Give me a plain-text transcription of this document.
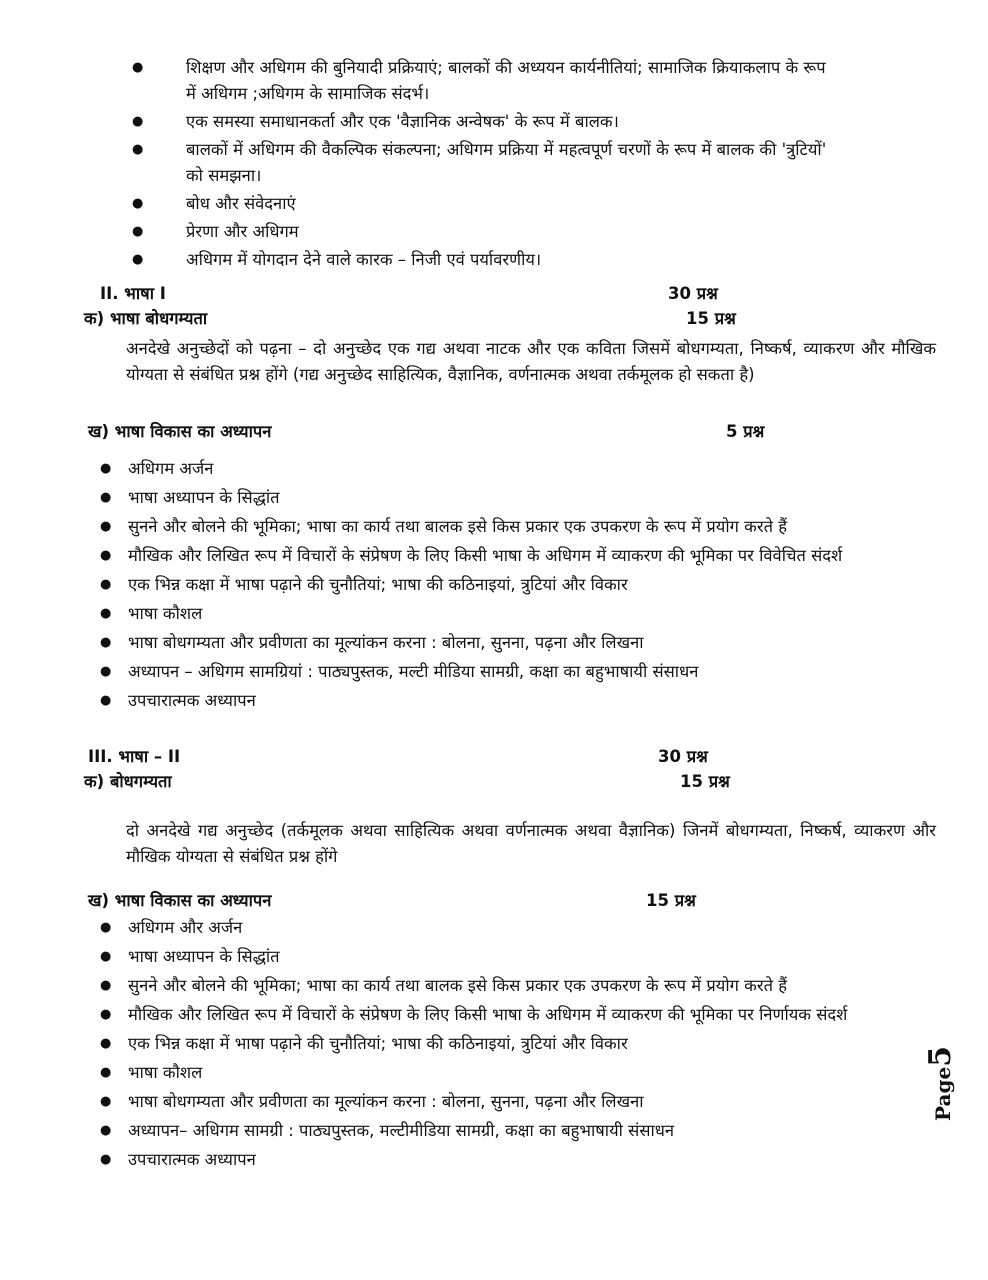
● शिक्षण और अधिगम की बुनियादी प्रक्रियाएं; बालकों की अध्ययन कार्यनीतियां; सामाजिक क्रियाकलाप के रूप में अधिगम ;अधिगम के सामाजिक संदर्भ।
● एक समस्या समाधानकर्ता और एक 'वैज्ञानिक अन्वेषक' के रूप में बालक।
● बालकों में अधिगम की वैकल्पिक संकल्पना; अधिगम प्रक्रिया में महत्वपूर्ण चरणों के रूप में बालक की 'त्रुटियों' को समझना।
● बोध और संवेदनाएं
● प्रेरणा और अधिगम
● अधिगम में योगदान देने वाले कारक – निजी एवं पर्यावरणीय।
II. भाषा I	30 प्रश्न
क) भाषा बोधगम्यता	15 प्रश्न
अनदेखे अनुच्छेदों को पढ़ना – दो अनुच्छेद एक गद्य अथवा नाटक और एक कविता जिसमें बोधगम्यता, निष्कर्ष, व्याकरण और मौखिक योग्यता से संबंधित प्रश्न होंगे (गद्य अनुच्छेद साहित्यिक, वैज्ञानिक, वर्णनात्मक अथवा तर्कमूलक हो सकता है)
ख) भाषा विकास का अध्यापन	5 प्रश्न
● अधिगम अर्जन
● भाषा अध्यापन के सिद्धांत
● सुनने और बोलने की भूमिका; भाषा का कार्य तथा बालक इसे किस प्रकार एक उपकरण के रूप में प्रयोग करते हैं
● मौखिक और लिखित रूप में विचारों के संप्रेषण के लिए किसी भाषा के अधिगम में व्याकरण की भूमिका पर विवेचित संदर्श
● एक भिन्न कक्षा में भाषा पढ़ाने की चुनौतियां; भाषा की कठिनाइयां, त्रुटियां और विकार
● भाषा कौशल
● भाषा बोधगम्यता और प्रवीणता का मूल्यांकन करना : बोलना, सुनना, पढ़ना और लिखना
● अध्यापन – अधिगम सामग्रियां : पाठ्यपुस्तक, मल्टी मीडिया सामग्री, कक्षा का बहुभाषायी संसाधन
● उपचारात्मक अध्यापन
III. भाषा – II	30 प्रश्न
क) बोधगम्यता	15 प्रश्न
दो अनदेखे गद्य अनुच्छेद (तर्कमूलक अथवा साहित्यिक अथवा वर्णनात्मक अथवा वैज्ञानिक) जिनमें बोधगम्यता, निष्कर्ष, व्याकरण और मौखिक योग्यता से संबंधित प्रश्न होंगे
ख) भाषा विकास का अध्यापन	15 प्रश्न
● अधिगम और अर्जन
● भाषा अध्यापन के सिद्धांत
● सुनने और बोलने की भूमिका; भाषा का कार्य तथा बालक इसे किस प्रकार एक उपकरण के रूप में प्रयोग करते हैं
● मौखिक और लिखित रूप में विचारों के संप्रेषण के लिए किसी भाषा के अधिगम में व्याकरण की भूमिका पर निर्णायक संदर्श
● एक भिन्न कक्षा में भाषा पढ़ाने की चुनौतियां; भाषा की कठिनाइयां, त्रुटियां और विकार
● भाषा कौशल
● भाषा बोधगम्यता और प्रवीणता का मूल्यांकन करना : बोलना, सुनना, पढ़ना और लिखना
● अध्यापन– अधिगम सामग्री : पाठ्यपुस्तक, मल्टीमीडिया सामग्री, कक्षा का बहुभाषायी संसाधन
● उपचारात्मक अध्यापन
Page5
